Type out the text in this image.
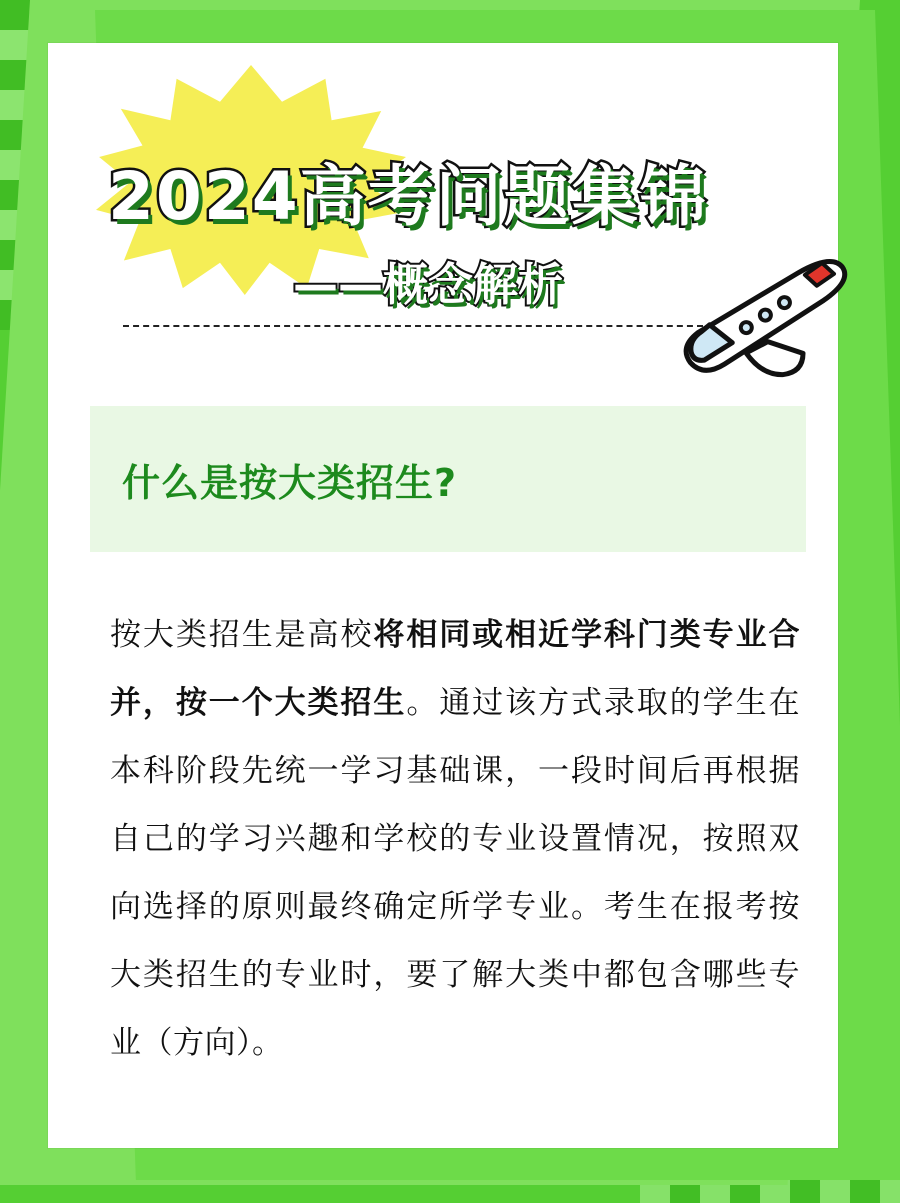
2024高考问题集锦
——概念解析
什么是按大类招生?
按大类招生是高校将相同或相近学科门类专业合并，按一个大类招生。通过该方式录取的学生在本科阶段先统一学习基础课，一段时间后再根据自己的学习兴趣和学校的专业设置情况，按照双向选择的原则最终确定所学专业。考生在报考按大类招生的专业时，要了解大类中都包含哪些专业（方向）。
